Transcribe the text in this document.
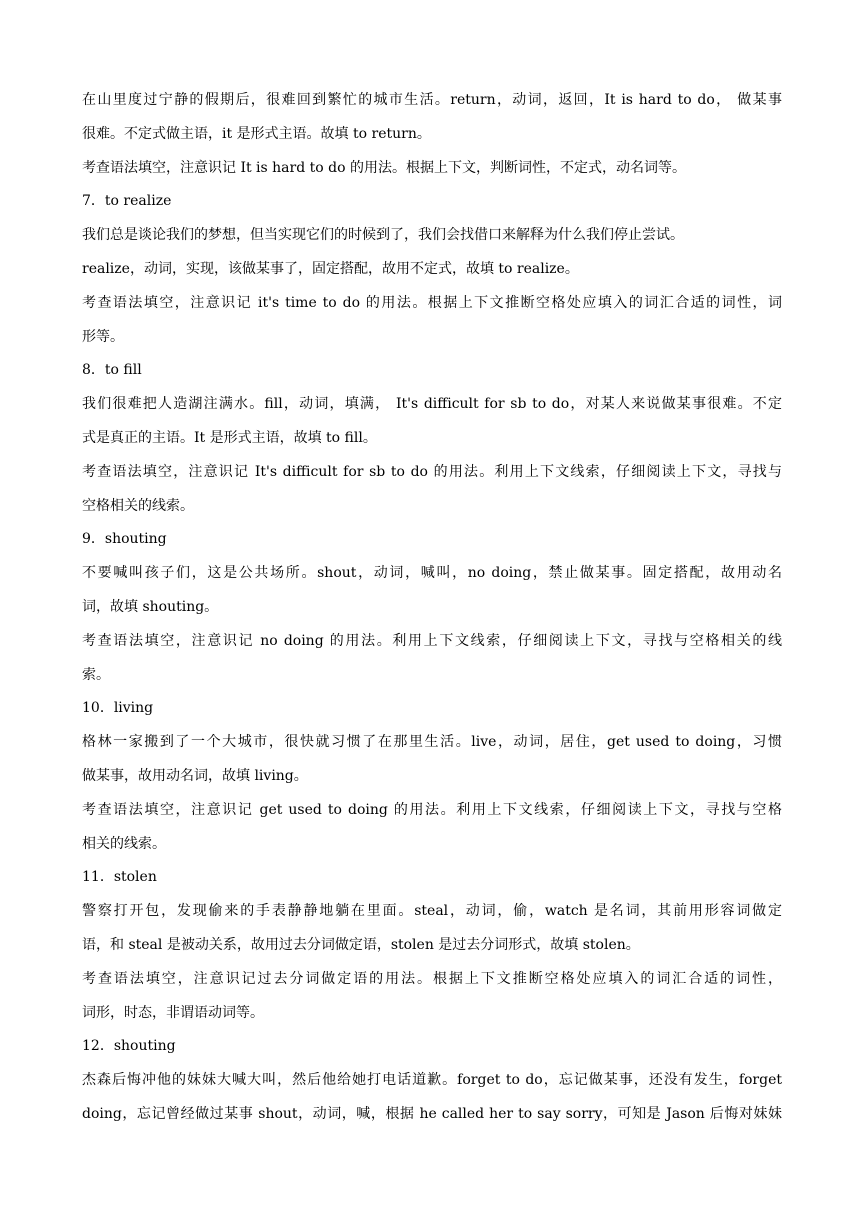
在山里度过宁静的假期后，很难回到繁忙的城市生活。return，动词，返回，It is hard to do， 做某事
很难。不定式做主语，it 是形式主语。故填 to return。
考查语法填空，注意识记 It is hard to do 的用法。根据上下文，判断词性，不定式，动名词等。
7．to realize
我们总是谈论我们的梦想，但当实现它们的时候到了，我们会找借口来解释为什么我们停止尝试。
realize，动词，实现，该做某事了，固定搭配，故用不定式，故填 to realize。
考查语法填空，注意识记 it's time to do 的用法。根据上下文推断空格处应填入的词汇合适的词性，词
形等。
8．to fill
我们很难把人造湖注满水。fill，动词，填满， It's difficult for sb to do，对某人来说做某事很难。不定
式是真正的主语。It 是形式主语，故填 to fill。
考查语法填空，注意识记 It's difficult for sb to do 的用法。利用上下文线索，仔细阅读上下文，寻找与
空格相关的线索。
9．shouting
不要喊叫孩子们，这是公共场所。shout，动词，喊叫，no doing，禁止做某事。固定搭配，故用动名
词，故填 shouting。
考查语法填空，注意识记 no doing 的用法。利用上下文线索，仔细阅读上下文，寻找与空格相关的线
索。
10．living
格林一家搬到了一个大城市，很快就习惯了在那里生活。live，动词，居住，get used to doing，习惯
做某事，故用动名词，故填 living。
考查语法填空，注意识记 get used to doing 的用法。利用上下文线索，仔细阅读上下文，寻找与空格
相关的线索。
11．stolen
警察打开包，发现偷来的手表静静地躺在里面。steal，动词，偷，watch 是名词，其前用形容词做定
语，和 steal 是被动关系，故用过去分词做定语，stolen 是过去分词形式，故填 stolen。
考查语法填空，注意识记过去分词做定语的用法。根据上下文推断空格处应填入的词汇合适的词性，
词形，时态，非谓语动词等。
12．shouting
杰森后悔冲他的妹妹大喊大叫，然后他给她打电话道歉。forget to do，忘记做某事，还没有发生，forget
doing，忘记曾经做过某事 shout，动词，喊，根据 he called her to say sorry，可知是 Jason 后悔对妹妹
